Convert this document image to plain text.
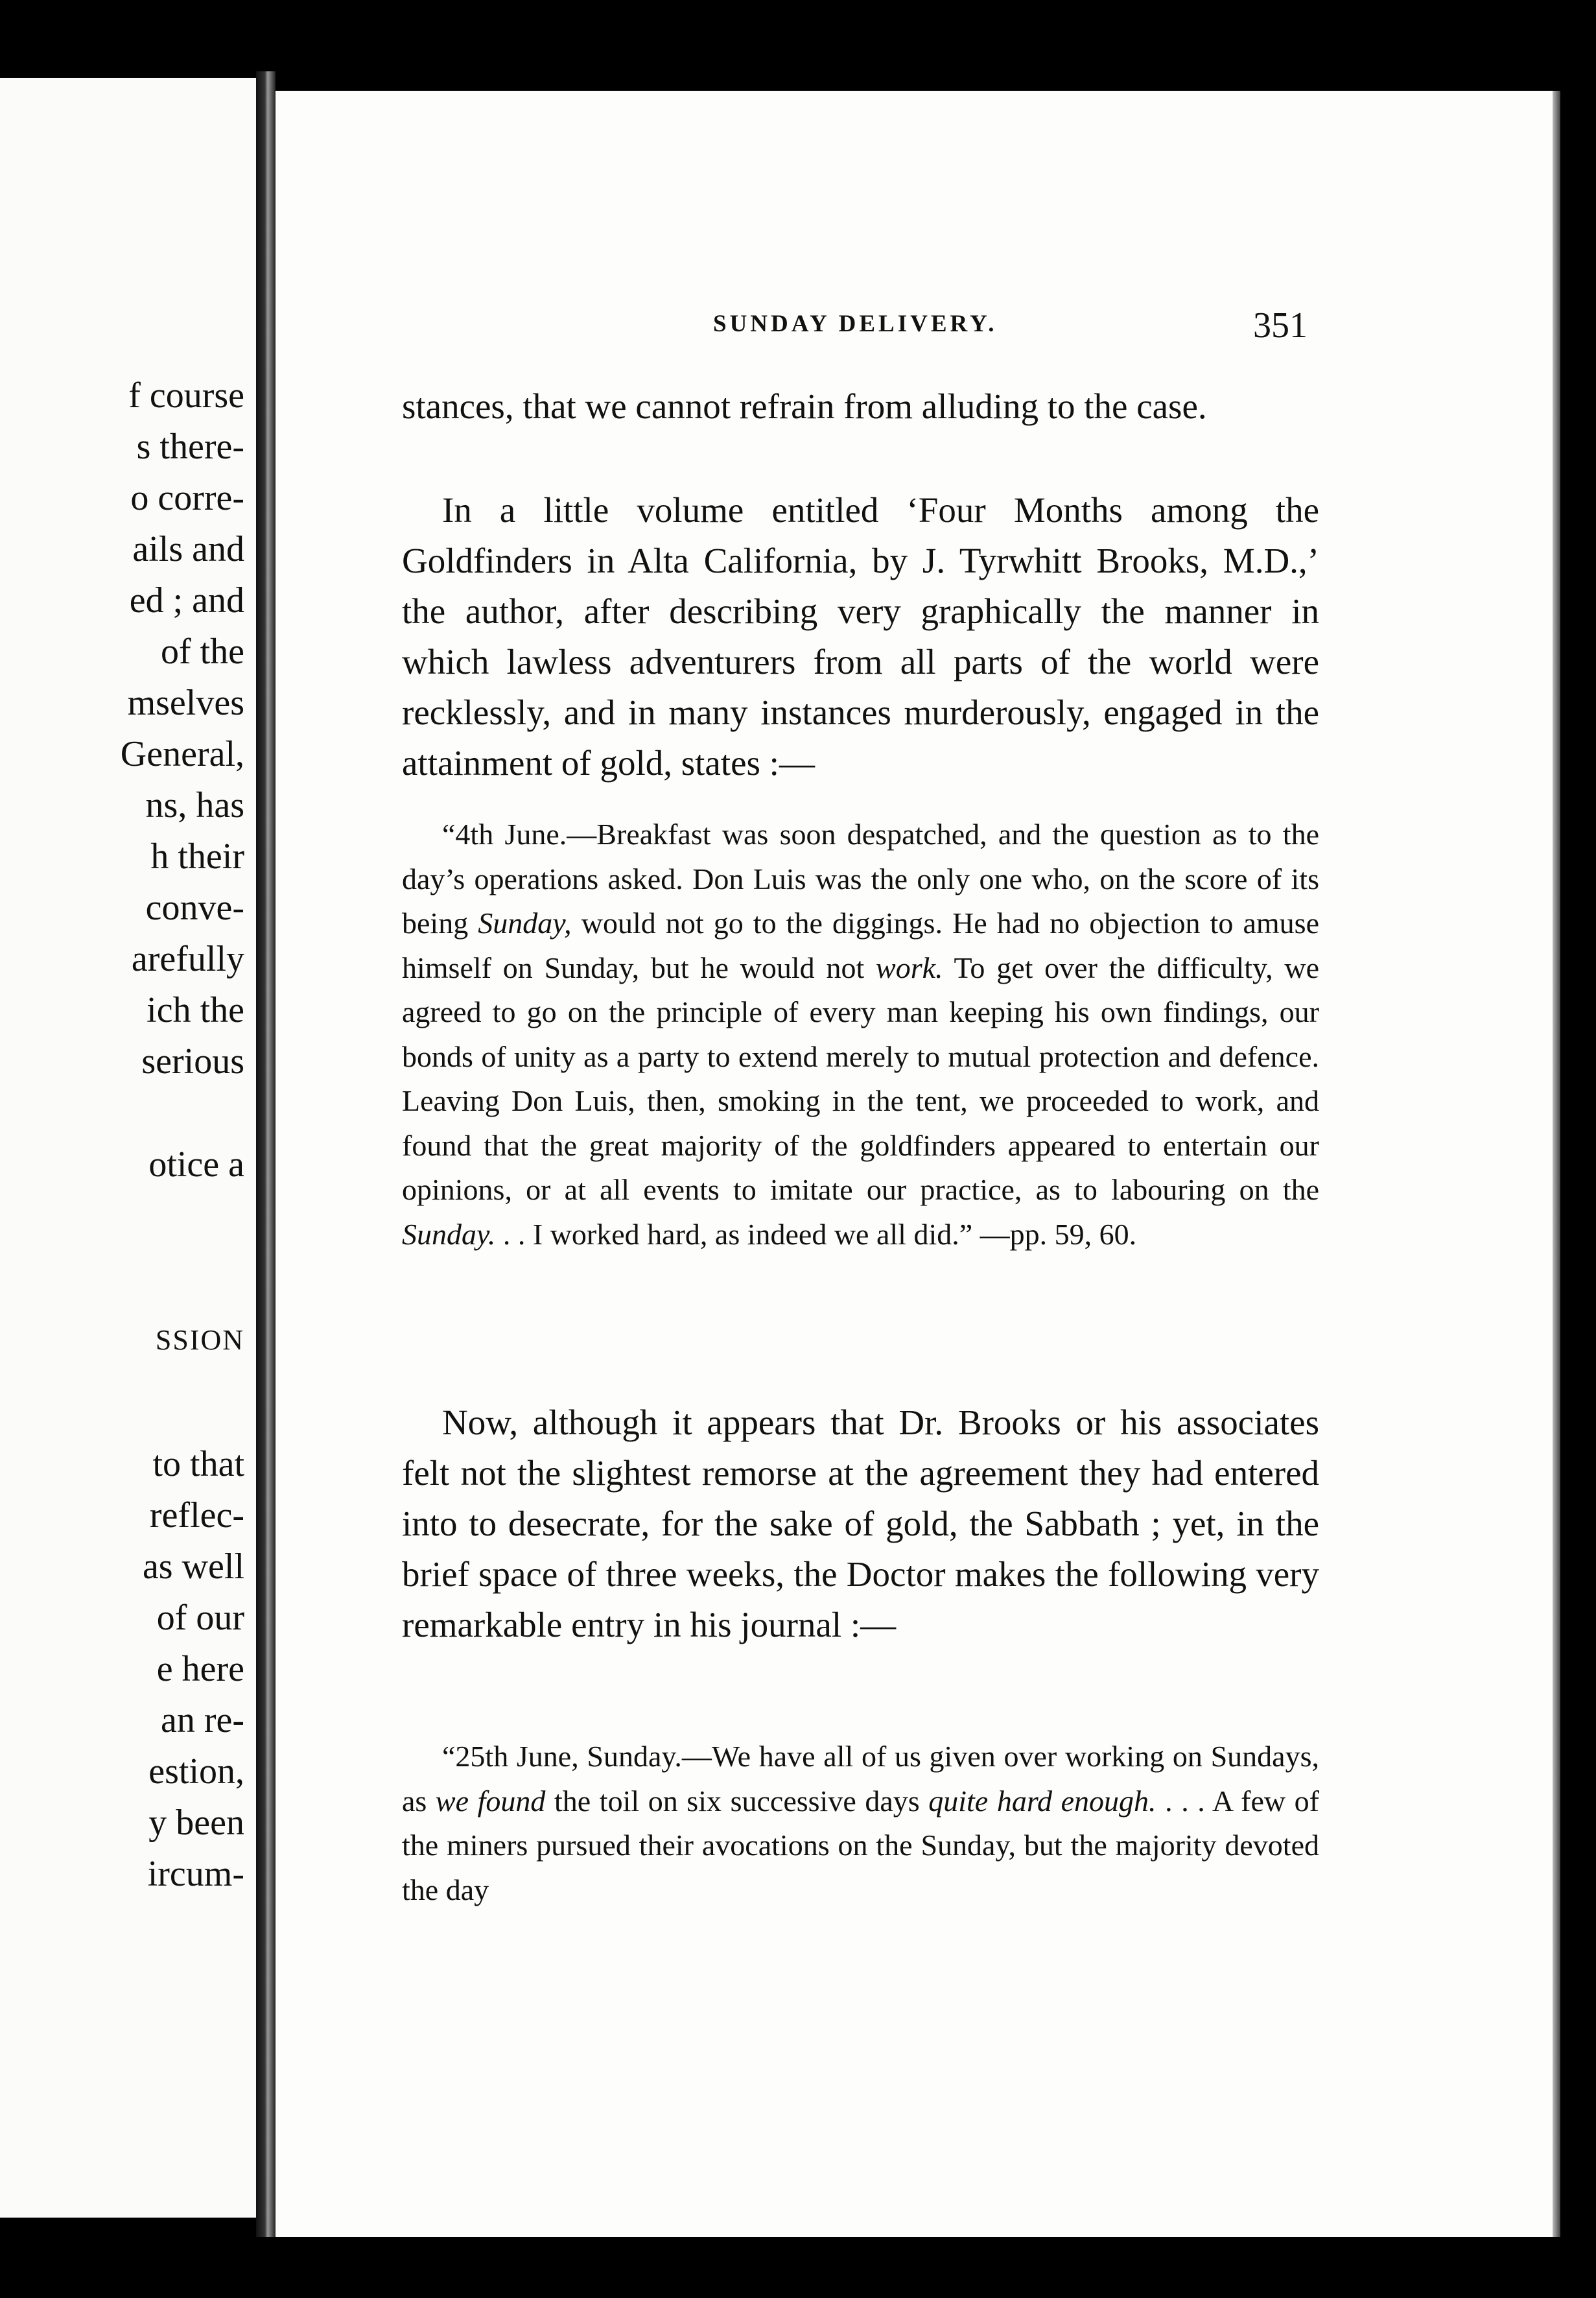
f course
s there-
o corre-
ails and
ed ; and
of the
mselves
General,
ns, has
h their
conve-
arefully
ich the
serious
otice a
SSION
to that
reflec-
as well
of our
e here
an re-
estion,
y been
ircum-
SUNDAY DELIVERY.	351
stances, that we cannot refrain from alluding to the case.
In a little volume entitled ‘Four Months among the Goldfinders in Alta California, by J. Tyrwhitt Brooks, M.D.,’ the author, after describing very graphically the manner in which lawless adventurers from all parts of the world were recklessly, and in many instances murderously, engaged in the attainment of gold, states :—
“4th June.—Breakfast was soon despatched, and the question as to the day’s operations asked. Don Luis was the only one who, on the score of its being Sunday, would not go to the diggings. He had no objection to amuse himself on Sunday, but he would not work. To get over the difficulty, we agreed to go on the principle of every man keeping his own findings, our bonds of unity as a party to extend merely to mutual protection and defence. Leaving Don Luis, then, smoking in the tent, we proceeded to work, and found that the great majority of the goldfinders appeared to entertain our opinions, or at all events to imitate our practice, as to labouring on the Sunday. . . I worked hard, as indeed we all did.” —pp. 59, 60.
Now, although it appears that Dr. Brooks or his associates felt not the slightest remorse at the agreement they had entered into to desecrate, for the sake of gold, the Sabbath ; yet, in the brief space of three weeks, the Doctor makes the following very remarkable entry in his journal :—
“25th June, Sunday.—We have all of us given over working on Sundays, as we found the toil on six successive days quite hard enough. . . . A few of the miners pursued their avocations on the Sunday, but the majority devoted the day
